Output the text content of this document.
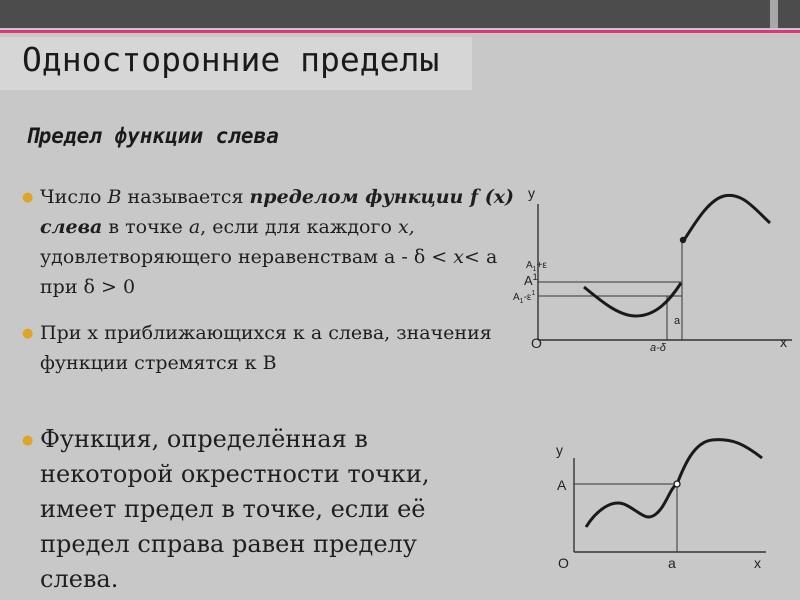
Односторонние пределы
Предел функции слева
● Число В называется пределом функции f (x) слева в точке a, если для каждого x, удовлетворяющего неравенствам а - δ < x< a при δ > 0
● При x приближающихся к а слева, значения функции стремятся к В
● Функция, определённая в некоторой окрестности точки, имеет предел в точке, если её предел справа равен пределу слева.
y
x
О
$А_1+\varepsilon$
$А^1$
$А_1-\varepsilon^1$
a
a-δ
y
x
О
А
a
